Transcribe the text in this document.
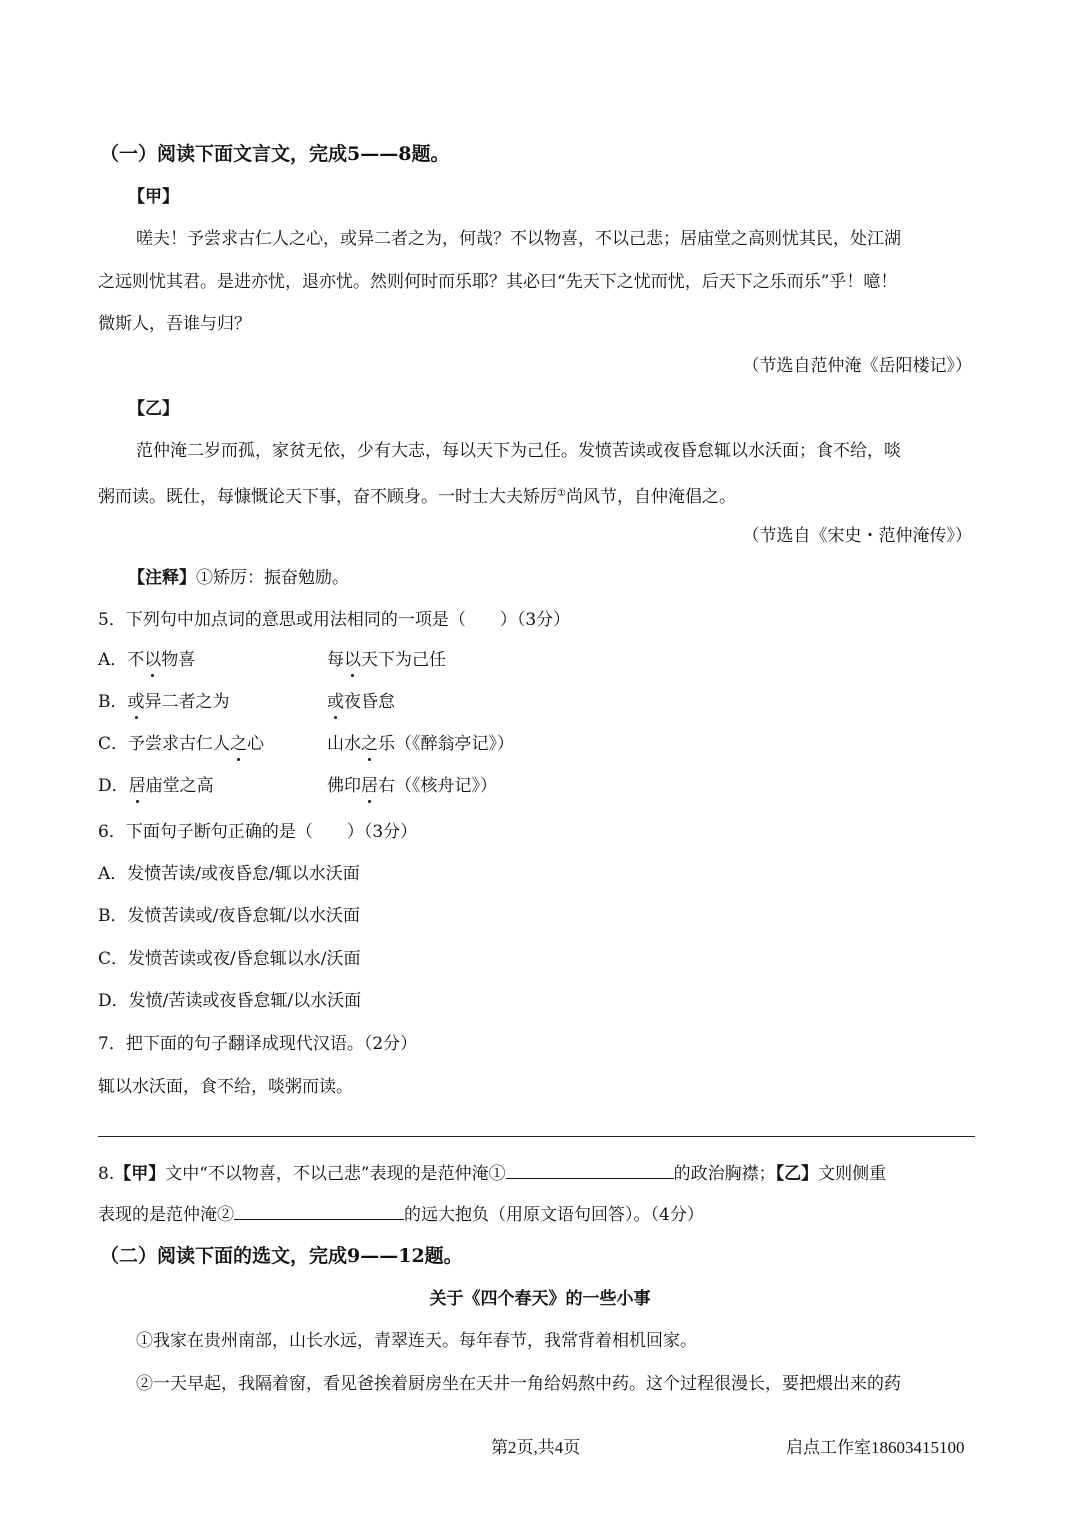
（一）阅读下面文言文，完成5——8题。
【甲】
嗟夫！予尝求古仁人之心，或异二者之为，何哉？不以物喜，不以己悲；居庙堂之高则忧其民，处江湖
之远则忧其君。是进亦忧，退亦忧。然则何时而乐耶？其必曰“先天下之忧而忧，后天下之乐而乐”乎！噫！
微斯人，吾谁与归？
（节选自范仲淹《岳阳楼记》）
【乙】
范仲淹二岁而孤，家贫无依，少有大志，每以天下为己任。发愤苦读或夜昏怠辄以水沃面；食不给，啖
粥而读。既仕，每慷慨论天下事，奋不顾身。一时士大夫矫厉①尚风节，自仲淹倡之。
（节选自《宋史・范仲淹传》）
【注释】①矫厉：振奋勉励。
5．下列句中加点词的意思或用法相同的一项是（　　）（3分）
A．不以物喜	每以天下为己任
B．或异二者之为	或夜昏怠
C．予尝求古仁人之心	山水之乐（《醉翁亭记》）
D．居庙堂之高	佛印居右（《核舟记》）
6．下面句子断句正确的是（　　）（3分）
A．发愤苦读/或夜昏怠/辄以水沃面
B．发愤苦读或/夜昏怠辄/以水沃面
C．发愤苦读或夜/昏怠辄以水/沃面
D．发愤/苦读或夜昏怠辄/以水沃面
7．把下面的句子翻译成现代汉语。（2分）
辄以水沃面，食不给，啖粥而读。
8.【甲】文中“不以物喜，不以己悲”表现的是范仲淹①	的政治胸襟；【乙】文则侧重
表现的是范仲淹②	的远大抱负（用原文语句回答）。（4分）
（二）阅读下面的选文，完成9——12题。
关于《四个春天》的一些小事
①我家在贵州南部，山长水远，青翠连天。每年春节，我常背着相机回家。
②一天早起，我隔着窗，看见爸挨着厨房坐在天井一角给妈熬中药。这个过程很漫长，要把煨出来的药
第2页,共4页	启点工作室18603415100
